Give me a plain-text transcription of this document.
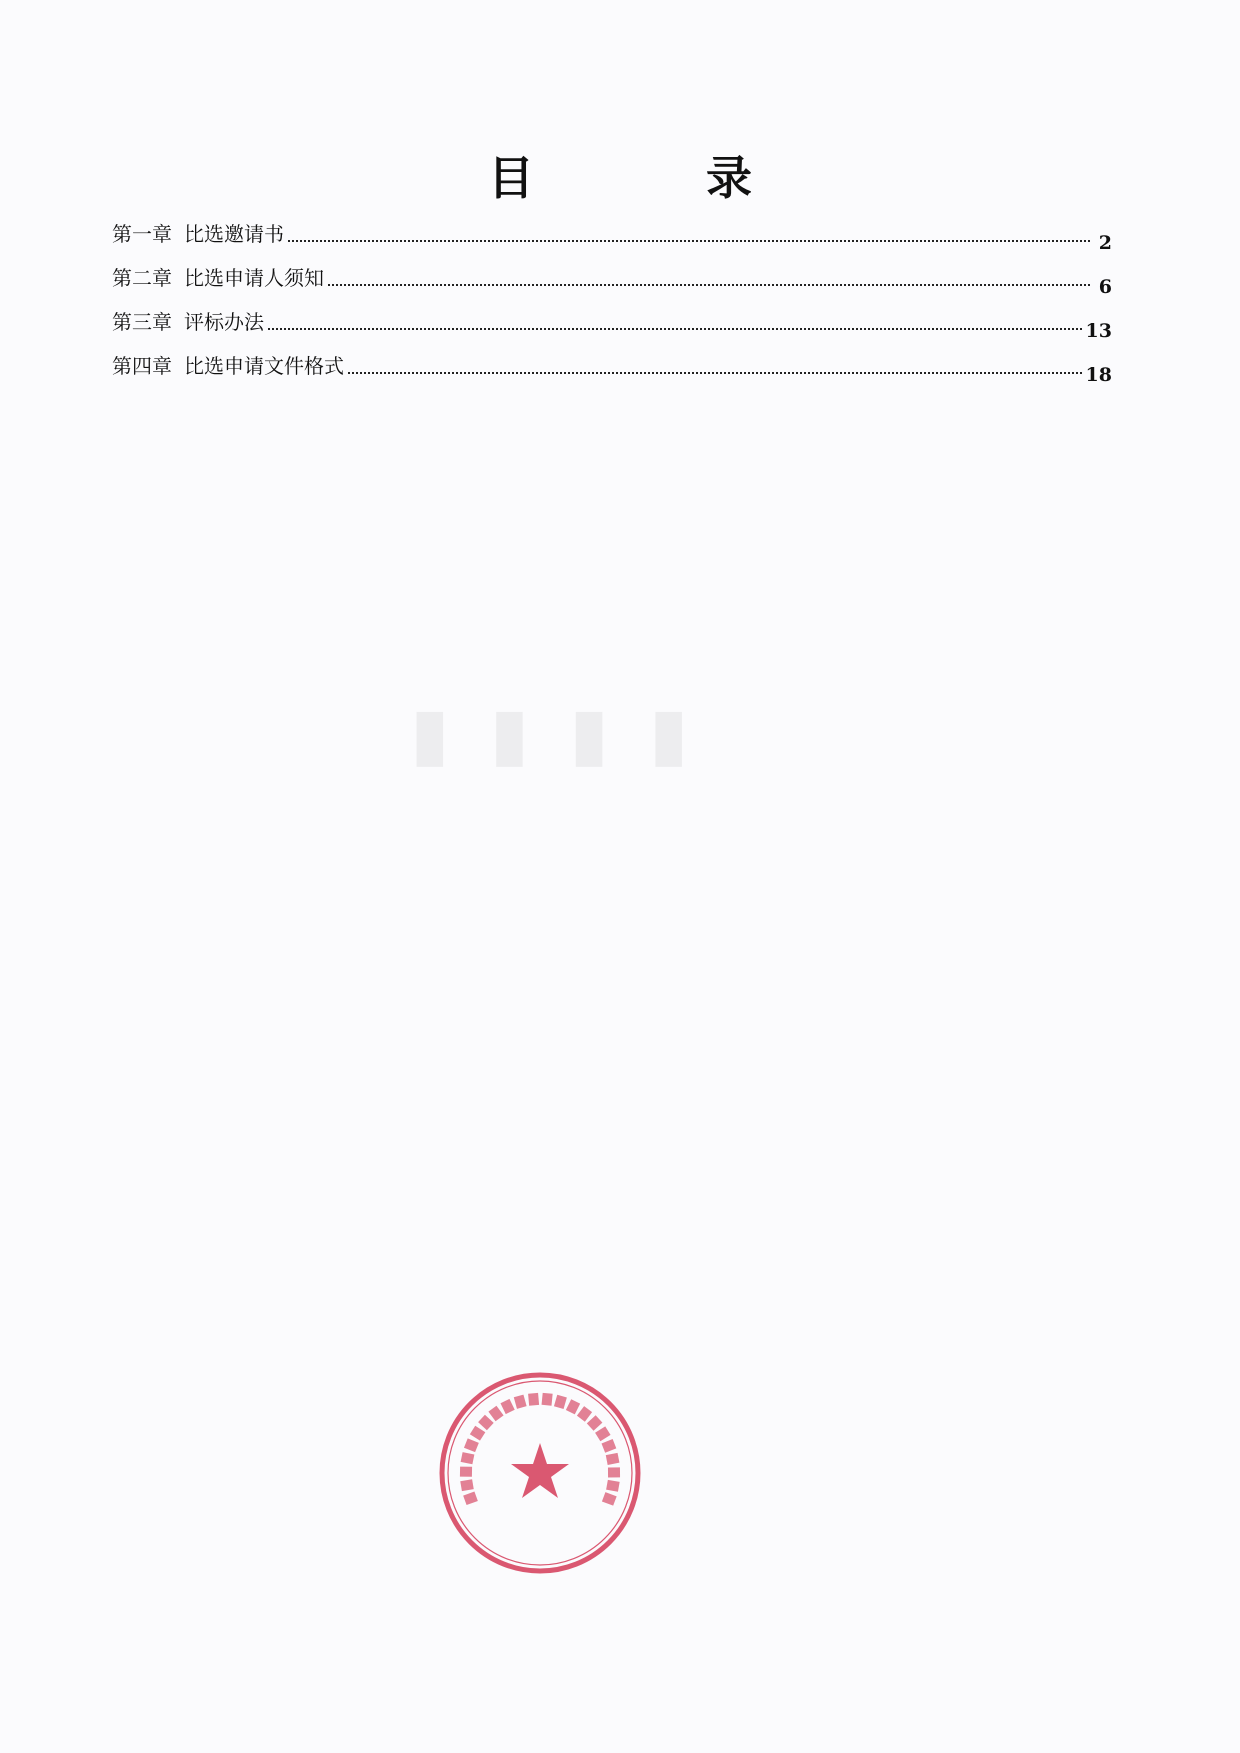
▮▮▮▮
目 录
第一章 比选邀请书	2
第二章 比选申请人须知	6
第三章 评标办法	13
第四章 比选申请文件格式	18
